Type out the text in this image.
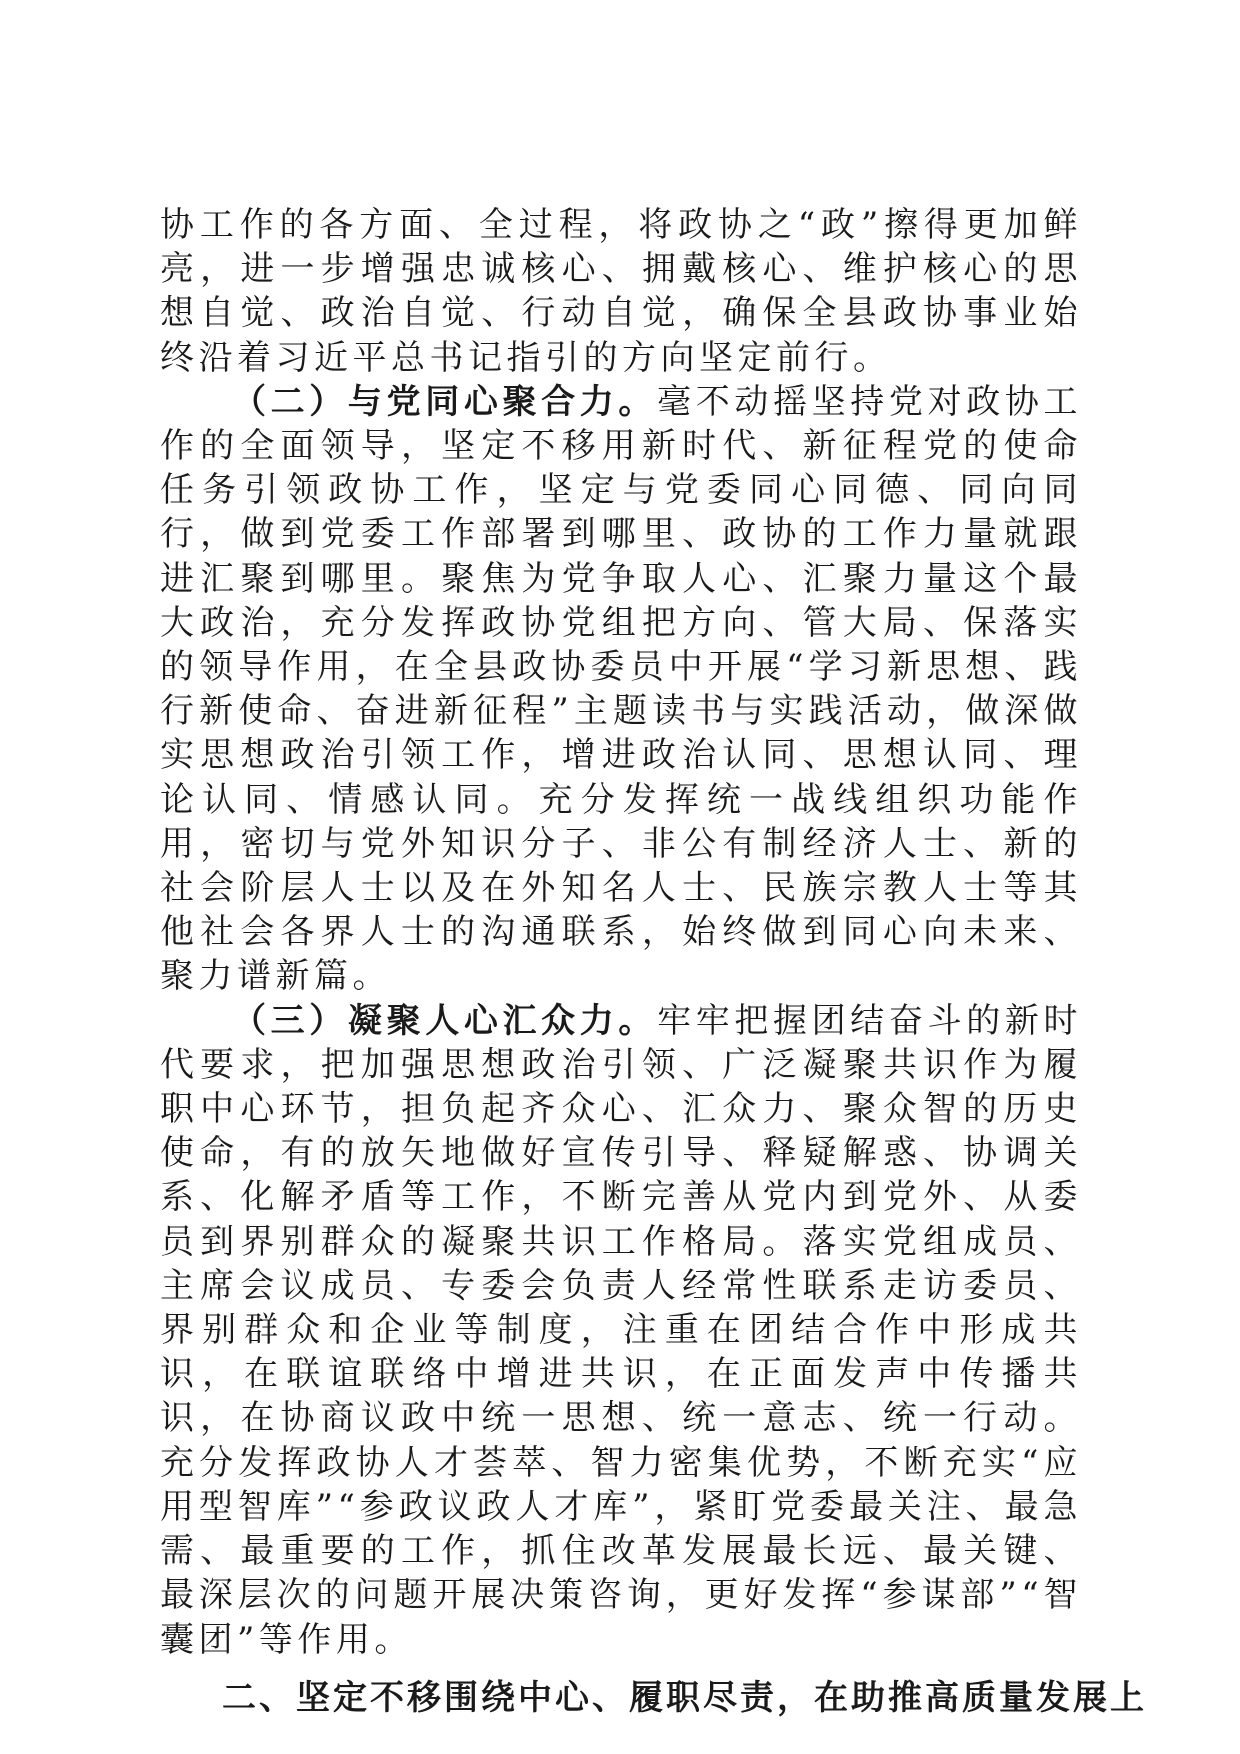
协工作的各方面、全过程，将政协之“政”擦得更加鲜亮，进一步增强忠诚核心、拥戴核心、维护核心的思想自觉、政治自觉、行动自觉，确保全县政协事业始终沿着习近平总书记指引的方向坚定前行。

（二）与党同心聚合力。毫不动摇坚持党对政协工作的全面领导，坚定不移用新时代、新征程党的使命任务引领政协工作，坚定与党委同心同德、同向同行，做到党委工作部署到哪里、政协的工作力量就跟进汇聚到哪里。聚焦为党争取人心、汇聚力量这个最大政治，充分发挥政协党组把方向、管大局、保落实的领导作用，在全县政协委员中开展“学习新思想、践行新使命、奋进新征程”主题读书与实践活动，做深做实思想政治引领工作，增进政治认同、思想认同、理论认同、情感认同。充分发挥统一战线组织功能作用，密切与党外知识分子、非公有制经济人士、新的社会阶层人士以及在外知名人士、民族宗教人士等其他社会各界人士的沟通联系，始终做到同心向未来、聚力谱新篇。

（三）凝聚人心汇众力。牢牢把握团结奋斗的新时代要求，把加强思想政治引领、广泛凝聚共识作为履职中心环节，担负起齐众心、汇众力、聚众智的历史使命，有的放矢地做好宣传引导、释疑解惑、协调关系、化解矛盾等工作，不断完善从党内到党外、从委员到界别群众的凝聚共识工作格局。落实党组成员、主席会议成员、专委会负责人经常性联系走访委员、界别群众和企业等制度，注重在团结合作中形成共识，在联谊联络中增进共识，在正面发声中传播共识，在协商议政中统一思想、统一意志、统一行动。充分发挥政协人才荟萃、智力密集优势，不断充实“应用型智库”“参政议政人才库”，紧盯党委最关注、最急需、最重要的工作，抓住改革发展最长远、最关键、最深层次的问题开展决策咨询，更好发挥“参谋部”“智囊团”等作用。

二、坚定不移围绕中心、履职尽责，在助推高质量发展上
